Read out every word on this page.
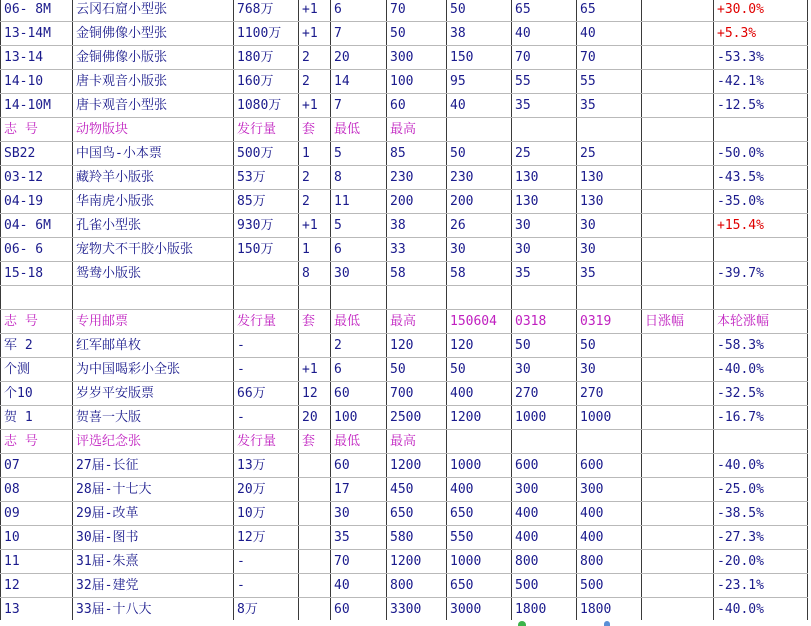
06- 8M	云冈石窟小型张	768万	+1	6	70	50	65	65		+30.0%
13-14M	金铜佛像小型张	1100万	+1	7	50	38	40	40		+5.3%
13-14	金铜佛像小版张	180万	2	20	300	150	70	70		-53.3%
14-10	唐卡观音小版张	160万	2	14	100	95	55	55		-42.1%
14-10M	唐卡观音小型张	1080万	+1	7	60	40	35	35		-12.5%
志 号	动物版块	发行量	套	最低	最高					
SB22	中国鸟-小本票	500万	1	5	85	50	25	25		-50.0%
03-12	藏羚羊小版张	53万	2	8	230	230	130	130		-43.5%
04-19	华南虎小版张	85万	2	11	200	200	130	130		-35.0%
04- 6M	孔雀小型张	930万	+1	5	38	26	30	30		+15.4%
06- 6	宠物犬不干胶小版张	150万	1	6	33	30	30	30		
15-18	鸳鸯小版张		8	30	58	58	35	35		-39.7%

志 号	专用邮票	发行量	套	最低	最高	150604	0318	0319	日涨幅	本轮涨幅
军 2	红军邮单枚	-		2	120	120	50	50		-58.3%
个测	为中国喝彩小全张	-	+1	6	50	50	30	30		-40.0%
个10	岁岁平安版票	66万	12	60	700	400	270	270		-32.5%
贺 1	贺喜一大版	-	20	100	2500	1200	1000	1000		-16.7%
志 号	评选纪念张	发行量	套	最低	最高					
07	27届-长征	13万		60	1200	1000	600	600		-40.0%
08	28届-十七大	20万		17	450	400	300	300		-25.0%
09	29届-改革	10万		30	650	650	400	400		-38.5%
10	30届-图书	12万		35	580	550	400	400		-27.3%
11	31届-朱熹	-		70	1200	1000	800	800		-20.0%
12	32届-建党	-		40	800	650	500	500		-23.1%
13	33届-十八大	8万		60	3300	3000	1800	1800		-40.0%
